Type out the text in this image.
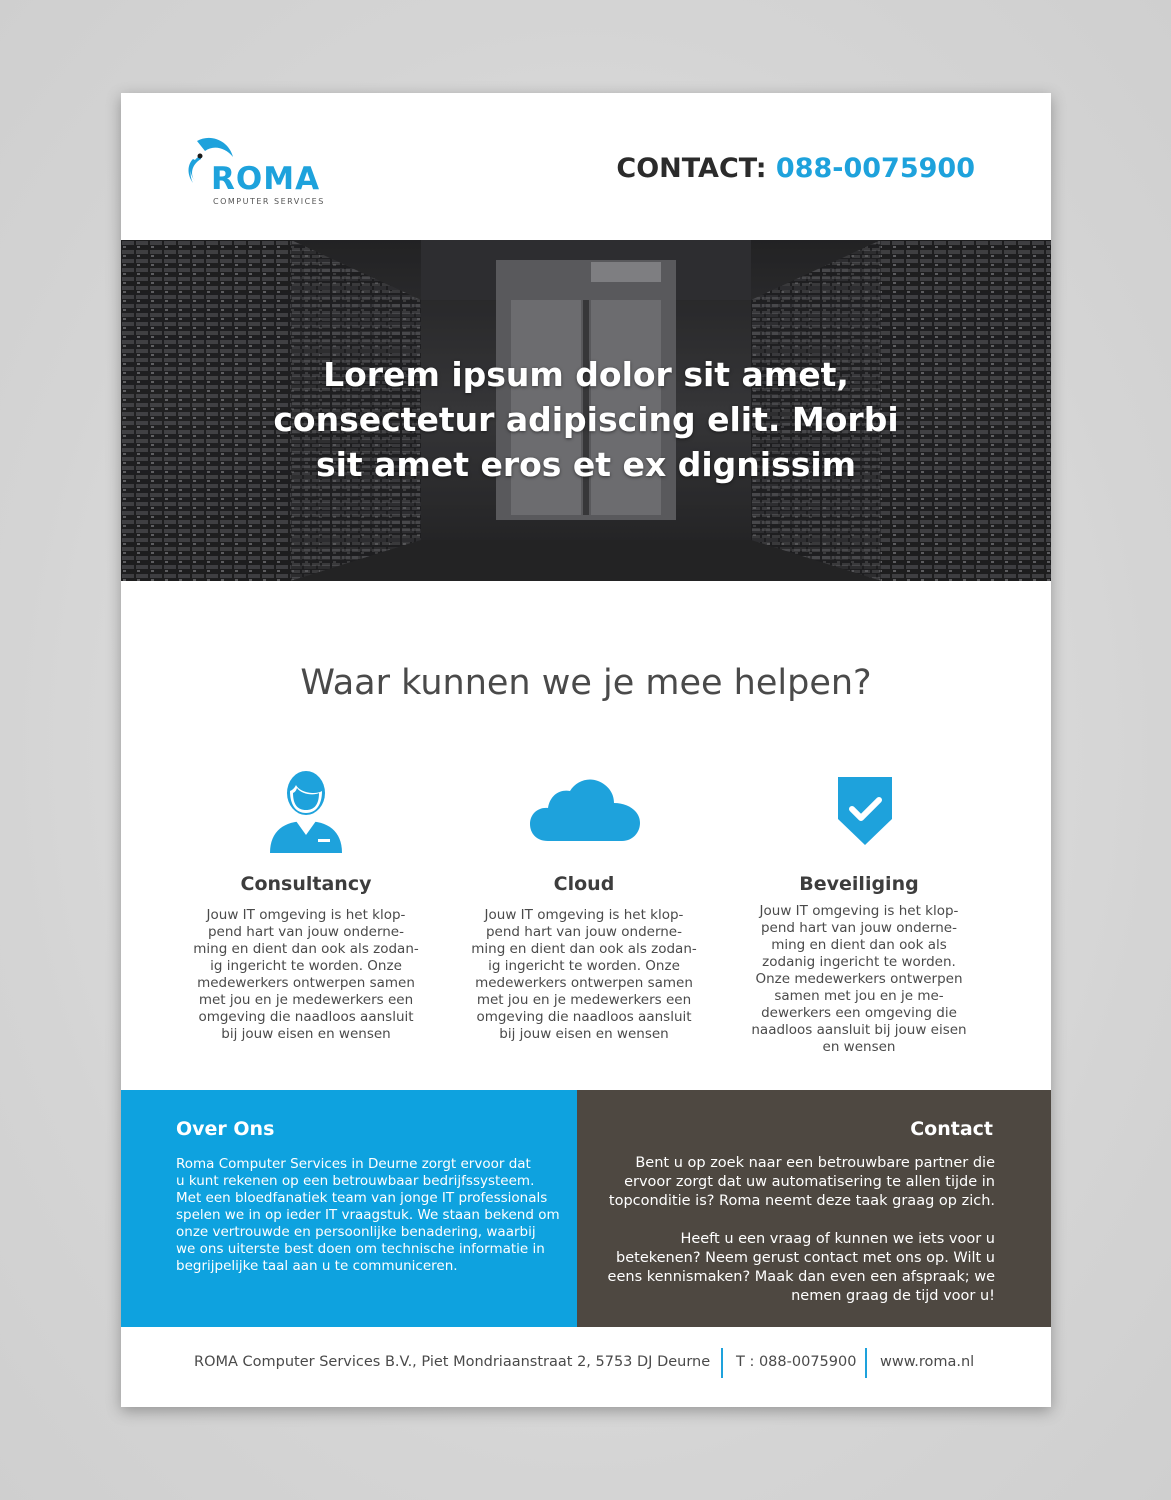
ROMA
COMPUTER SERVICES
CONTACT: 088-0075900
Lorem ipsum dolor sit amet,
consectetur adipiscing elit. Morbi
sit amet eros et ex dignissim
Waar kunnen we je mee helpen?
Consultancy

Jouw IT omgeving is het klop-
pend hart van jouw onderne-
ming en dient dan ook als zodan-
ig ingericht te worden. Onze
medewerkers ontwerpen samen
met jou en je medewerkers een
omgeving die naadloos aansluit
bij jouw eisen en wensen

Cloud

Jouw IT omgeving is het klop-
pend hart van jouw onderne-
ming en dient dan ook als zodan-
ig ingericht te worden. Onze
medewerkers ontwerpen samen
met jou en je medewerkers een
omgeving die naadloos aansluit
bij jouw eisen en wensen

Beveiliging

Jouw IT omgeving is het klop-
pend hart van jouw onderne-
ming en dient dan ook als
zodanig ingericht te worden.
Onze medewerkers ontwerpen
samen met jou en je me-
dewerkers een omgeving die
naadloos aansluit bij jouw eisen
en wensen

Over Ons
Roma Computer Services in Deurne zorgt ervoor dat
u kunt rekenen op een betrouwbaar bedrijfssysteem.
Met een bloedfanatiek team van jonge IT professionals
spelen we in op ieder IT vraagstuk. We staan bekend om
onze vertrouwde en persoonlijke benadering, waarbij
we ons uiterste best doen om technische informatie in
begrijpelijke taal aan u te communiceren.
Contact
Bent u op zoek naar een betrouwbare partner die
ervoor zorgt dat uw automatisering te allen tijde in
topconditie is? Roma neemt deze taak graag op zich.
Heeft u een vraag of kunnen we iets voor u
betekenen? Neem gerust contact met ons op. Wilt u
eens kennismaken? Maak dan even een afspraak; we
nemen graag de tijd voor u!
ROMA Computer Services B.V., Piet Mondriaanstraat 2, 5753 DJ Deurne T : 088-0075900 www.roma.nl
